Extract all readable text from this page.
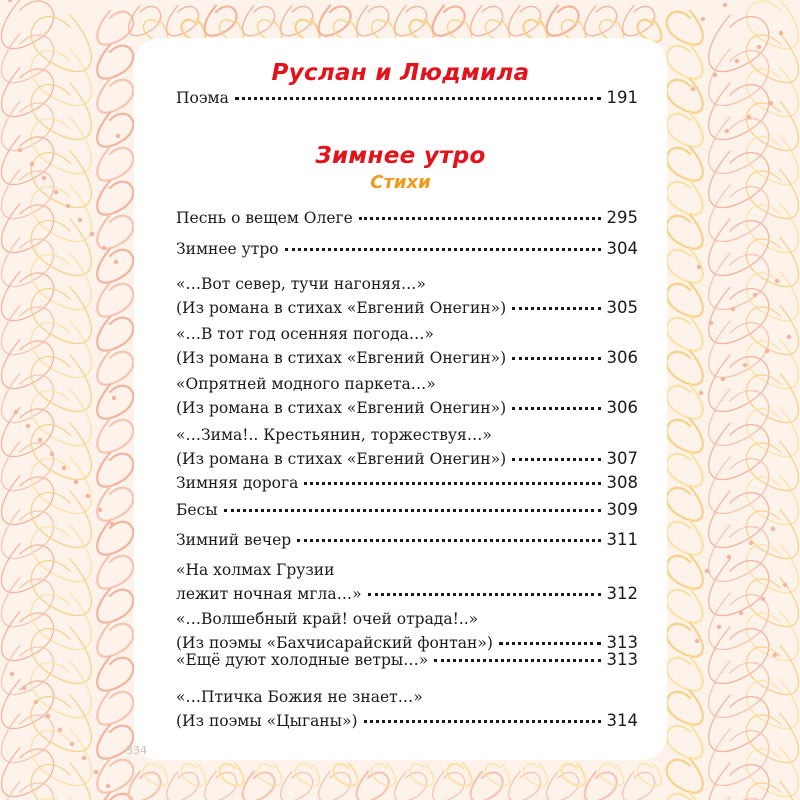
Руслан и Людмила
Поэма	191
Зимнее утро
Стихи
Песнь о вещем Олеге	295
Зимнее утро	304
«…Вот север, тучи нагоняя…»
(Из романа в стихах «Евгений Онегин»)	305
«…В тот год осенняя погода…»
(Из романа в стихах «Евгений Онегин»)	306
«Опрятней модного паркета…»
(Из романа в стихах «Евгений Онегин»)	306
«…Зима!.. Крестьянин, торжествуя…»
(Из романа в стихах «Евгений Онегин»)	307
Зимняя дорога	308
Бесы	309
Зимний вечер	311
«На холмах Грузии
лежит ночная мгла…»	312
«…Волшебный край! очей отрада!..»
(Из поэмы «Бахчисарайский фонтан»)	313
«Ещё дуют холодные ветры…»	313
«…Птичка Божия не знает…»
(Из поэмы «Цыганы»)	314
334
